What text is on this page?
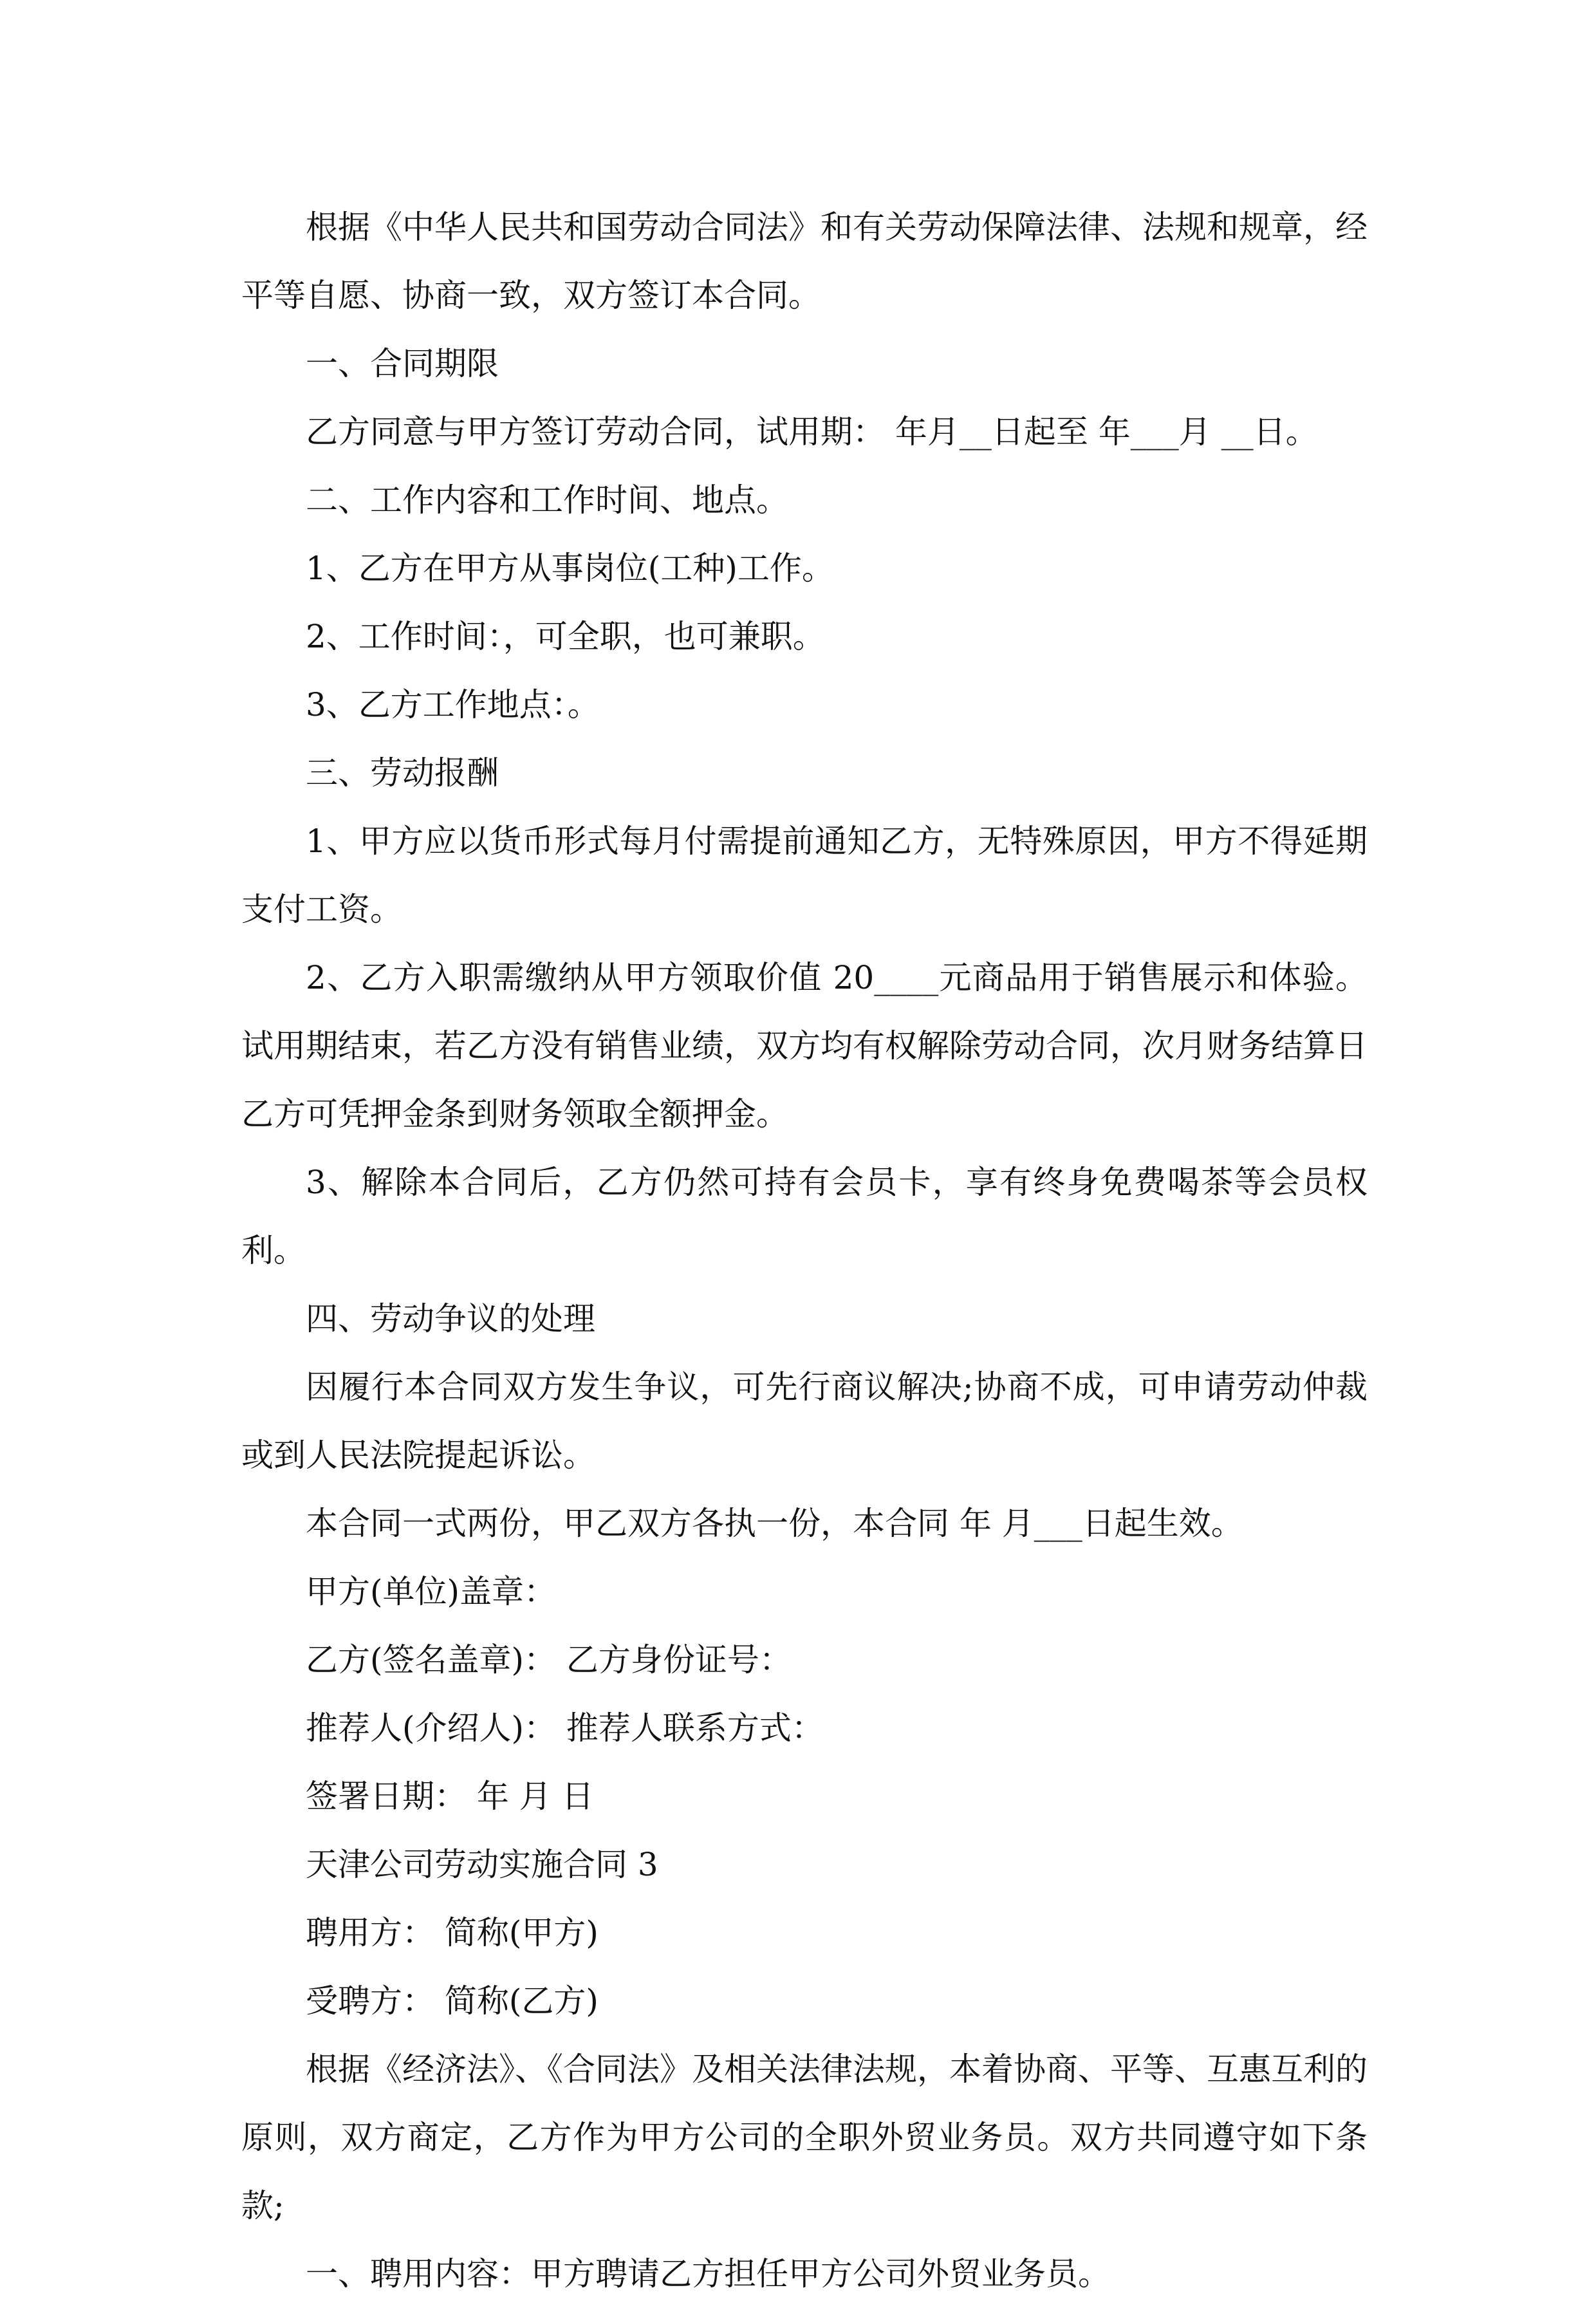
根据《中华人民共和国劳动合同法》和有关劳动保障法律、法规和规章，经平等自愿、协商一致，双方签订本合同。

一、合同期限

乙方同意与甲方签订劳动合同，试用期： 年月__日起至 年___月 __日。

二、工作内容和工作时间、地点。

1、乙方在甲方从事岗位(工种)工作。

2、工作时间：，可全职，也可兼职。

3、乙方工作地点：。

三、劳动报酬

1、甲方应以货币形式每月付需提前通知乙方，无特殊原因，甲方不得延期支付工资。

2、乙方入职需缴纳从甲方领取价值 20____元商品用于销售展示和体验。试用期结束，若乙方没有销售业绩，双方均有权解除劳动合同，次月财务结算日乙方可凭押金条到财务领取全额押金。

3、解除本合同后，乙方仍然可持有会员卡，享有终身免费喝茶等会员权利。

四、劳动争议的处理

因履行本合同双方发生争议，可先行商议解决;协商不成，可申请劳动仲裁或到人民法院提起诉讼。

本合同一式两份，甲乙双方各执一份，本合同 年 月___日起生效。

甲方(单位)盖章：

乙方(签名盖章)： 乙方身份证号：

推荐人(介绍人)： 推荐人联系方式：

签署日期： 年 月 日

天津公司劳动实施合同 3

聘用方： 简称(甲方)

受聘方： 简称(乙方)

根据《经济法》、《合同法》及相关法律法规，本着协商、平等、互惠互利的原则，双方商定，乙方作为甲方公司的全职外贸业务员。双方共同遵守如下条款;

一、聘用内容：甲方聘请乙方担任甲方公司外贸业务员。
